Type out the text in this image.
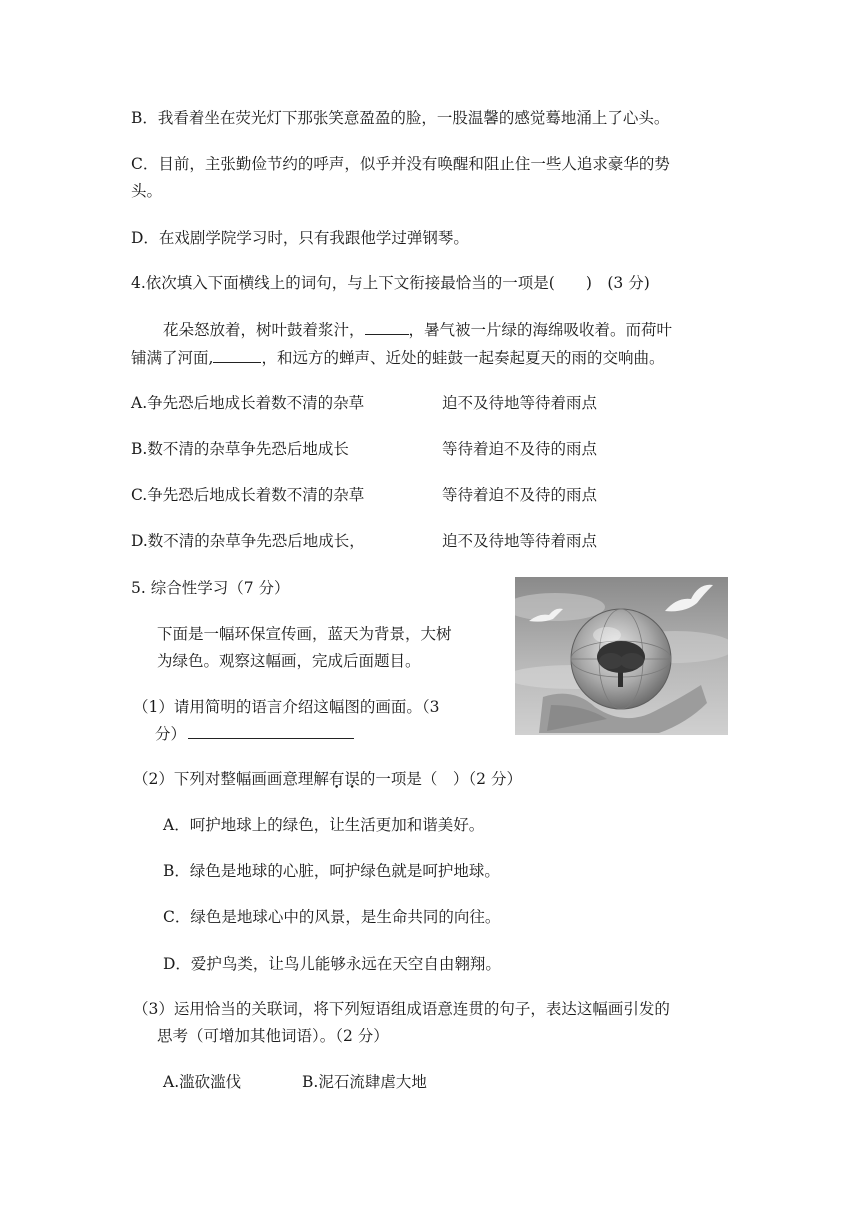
B．我看着坐在荧光灯下那张笑意盈盈的脸，一股温馨的感觉蓦地涌上了心头。
C．目前，主张勤俭节约的呼声，似乎并没有唤醒和阻止住一些人追求豪华的势
头。
D．在戏剧学院学习时，只有我跟他学过弹钢琴。
4.依次填入下面横线上的词句，与上下文衔接最恰当的一项是(　　)　(3 分)
花朵怒放着，树叶鼓着浆汁，	，暑气被一片绿的海绵吸收着。而荷叶
铺满了河面,	，和远方的蝉声、近处的蛙鼓一起奏起夏天的雨的交响曲。
A.争先恐后地成长着数不清的杂草	迫不及待地等待着雨点
B.数不清的杂草争先恐后地成长	等待着迫不及待的雨点
C.争先恐后地成长着数不清的杂草	等待着迫不及待的雨点
D.数不清的杂草争先恐后地成长，	迫不及待地等待着雨点
5. 综合性学习（7 分）
下面是一幅环保宣传画，蓝天为背景，大树
为绿色。观察这幅画，完成后面题目。
（1）请用简明的语言介绍这幅图的画面。（3
分）
（2）下列对整幅画画意理解有误的一项是（　）（2 分）
A．呵护地球上的绿色，让生活更加和谐美好。
B．绿色是地球的心脏，呵护绿色就是呵护地球。
C．绿色是地球心中的风景，是生命共同的向往。
D．爱护鸟类，让鸟儿能够永远在天空自由翱翔。
（3）运用恰当的关联词，将下列短语组成语意连贯的句子，表达这幅画引发的
思考（可增加其他词语）。（2 分）
A.滥砍滥伐	B.泥石流肆虐大地
